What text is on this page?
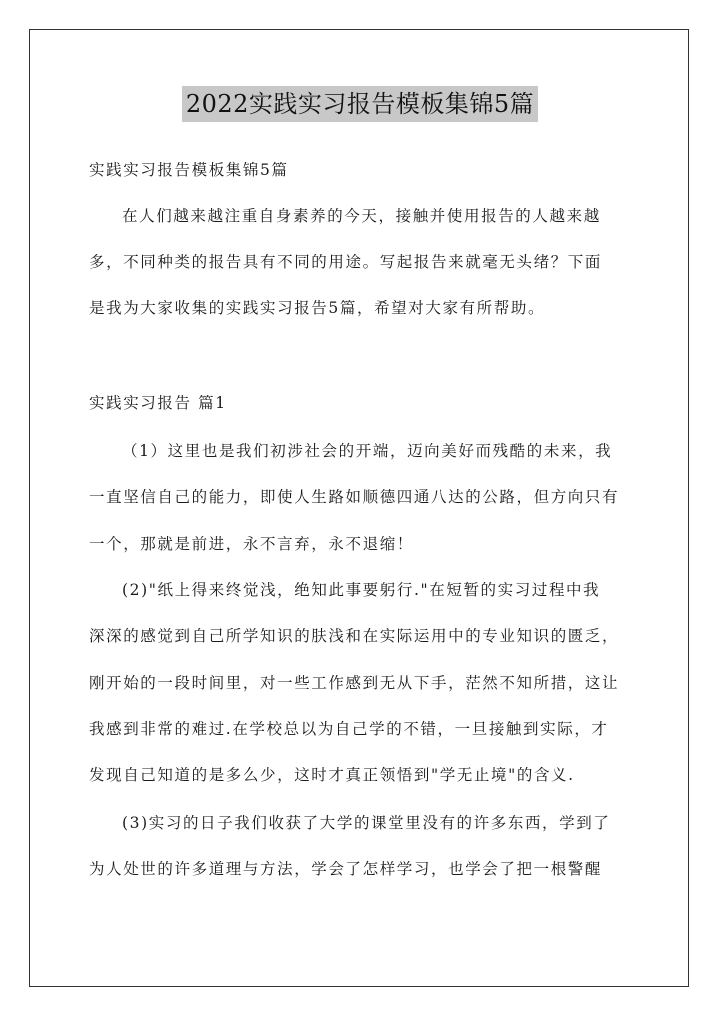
2022实践实习报告模板集锦5篇
实践实习报告模板集锦5篇
在人们越来越注重自身素养的今天，接触并使用报告的人越来越
多，不同种类的报告具有不同的用途。写起报告来就毫无头绪？下面
是我为大家收集的实践实习报告5篇，希望对大家有所帮助。
实践实习报告 篇1
（1）这里也是我们初涉社会的开端，迈向美好而残酷的未来，我
一直坚信自己的能力，即使人生路如顺德四通八达的公路，但方向只有
一个，那就是前进，永不言弃，永不退缩！
(2)"纸上得来终觉浅，绝知此事要躬行."在短暂的实习过程中我
深深的感觉到自己所学知识的肤浅和在实际运用中的专业知识的匮乏，
刚开始的一段时间里，对一些工作感到无从下手，茫然不知所措，这让
我感到非常的难过.在学校总以为自己学的不错，一旦接触到实际，才
发现自己知道的是多么少，这时才真正领悟到"学无止境"的含义.
(3)实习的日子我们收获了大学的课堂里没有的许多东西，学到了
为人处世的许多道理与方法，学会了怎样学习，也学会了把一根警醒
